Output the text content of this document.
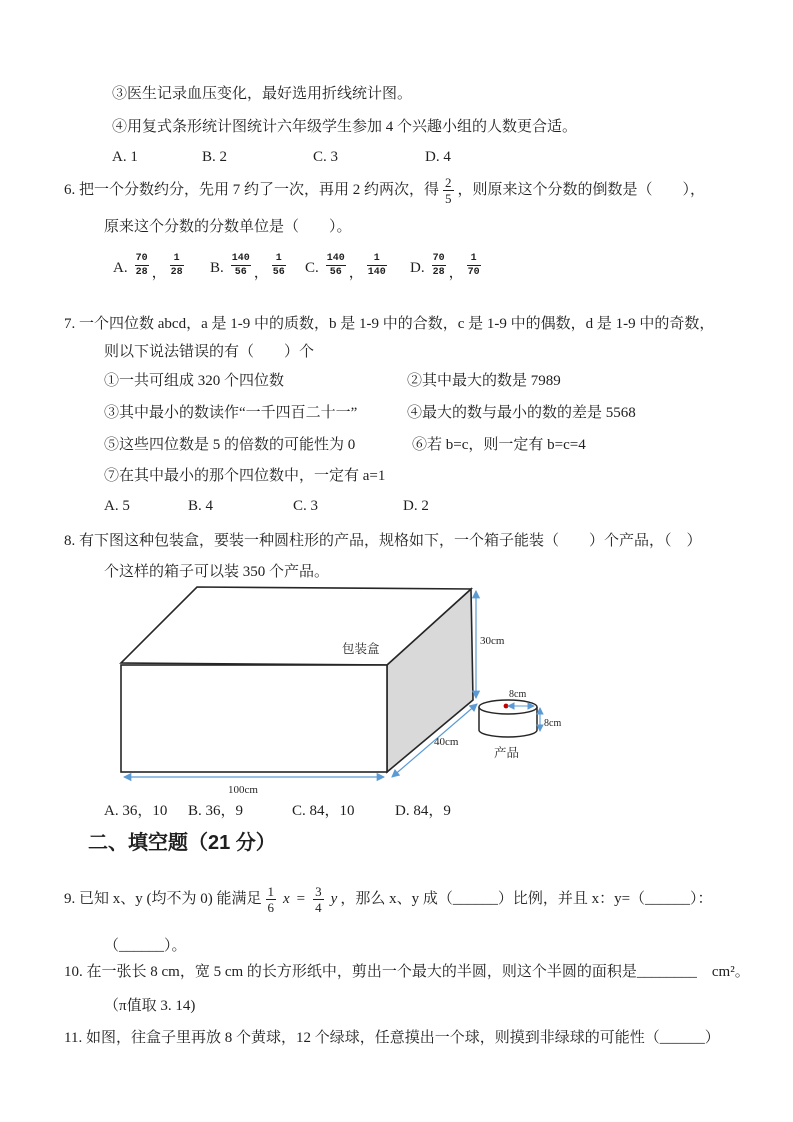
③医生记录血压变化，最好选用折线统计图。
④用复式条形统计图统计六年级学生参加 4 个兴趣小组的人数更合适。
A. 1	B. 2	C. 3	D. 4
6. 把一个分数约分，先用 7 约了一次，再用 2 约两次，得 $\frac{2}{5}$ ，则原来这个分数的倒数是（　　），
原来这个分数的分数单位是（　　）。
A. $\frac{70}{28}$ ， $\frac{1}{28} B$. $\frac{140}{56}$ ， $\frac{1}{56} C$. $\frac{140}{56}$ ， $\frac{1}{140} D$. $\frac{70}{28}$ ， $\frac{1}{70}$
7. 一个四位数 abcd，a 是 1-9 中的质数，b 是 1-9 中的合数，c 是 1-9 中的偶数，d 是 1-9 中的奇数，
则以下说法错误的有（　　）个
①一共可组成 320 个四位数	②其中最大的数是 7989
③其中最小的数读作“一千四百二十一”	④最大的数与最小的数的差是 5568
⑤这些四位数是 5 的倍数的可能性为 0	⑥若 b=c，则一定有 b=c=4
⑦在其中最小的那个四位数中，一定有 a=1
A. 5	B. 4	C. 3	D. 2
8. 有下图这种包装盒，要装一种圆柱形的产品，规格如下，一个箱子能装（　　）个产品，（　）
个这样的箱子可以装 350 个产品。
30cm
100cm
40cm
包装盒
8cm
8cm
产品
A. 36，10 B. 36，9	C. 84，10	D. 84，9
二、填空题（21 分）
9. 已知 x、y (均不为 0) 能满足 $\frac{1}{6}$ $x = \frac{3}{4}$ y ，那么 x、y 成（______）比例，并且 x：y=（______）：
（______）。
10. 在一张长 8 cm，宽 5 cm 的长方形纸中，剪出一个最大的半圆，则这个半圆的面积是________　cm²。
（π值取 3. 14)
11. 如图，往盒子里再放 8 个黄球，12 个绿球，任意摸出一个球，则摸到非绿球的可能性（______）
